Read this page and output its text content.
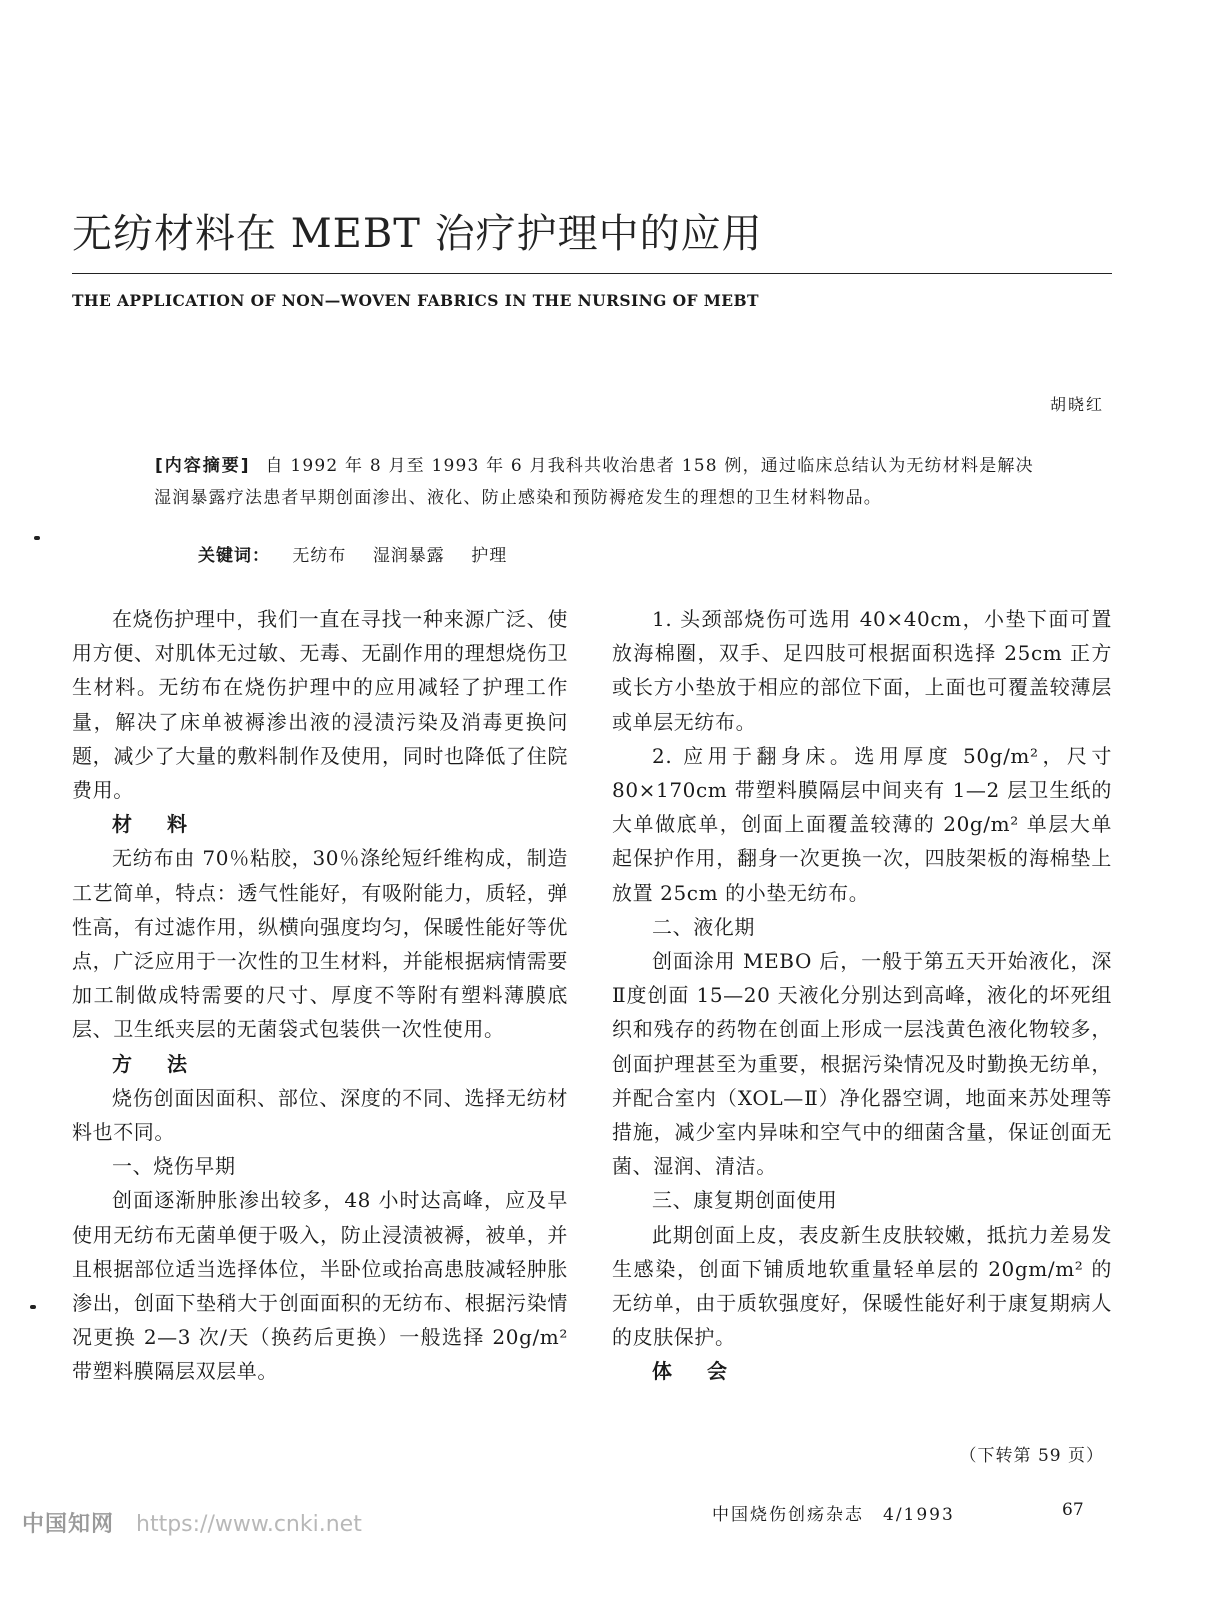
无纺材料在 MEBT 治疗护理中的应用
THE APPLICATION OF NON—WOVEN FABRICS IN THE NURSING OF MEBT
胡晓红
[内容摘要] 自 1992 年 8 月至 1993 年 6 月我科共收治患者 158 例，通过临床总结认为无纺材料是解决湿润暴露疗法患者早期创面渗出、液化、防止感染和预防褥疮发生的理想的卫生材料物品。
关键词： 无纺布 湿润暴露 护理

在烧伤护理中，我们一直在寻找一种来源广泛、使用方便、对肌体无过敏、无毒、无副作用的理想烧伤卫生材料。无纺布在烧伤护理中的应用减轻了护理工作量，解决了床单被褥渗出液的浸渍污染及消毒更换问题，减少了大量的敷料制作及使用，同时也降低了住院费用。

材 料

无纺布由 70％粘胶，30％涤纶短纤维构成，制造工艺简单，特点：透气性能好，有吸附能力，质轻，弹性高，有过滤作用，纵横向强度均匀，保暖性能好等优点，广泛应用于一次性的卫生材料，并能根据病情需要加工制做成特需要的尺寸、厚度不等附有塑料薄膜底层、卫生纸夹层的无菌袋式包装供一次性使用。

方 法

烧伤创面因面积、部位、深度的不同、选择无纺材料也不同。

一、烧伤早期

创面逐渐肿胀渗出较多，48 小时达高峰，应及早使用无纺布无菌单便于吸入，防止浸渍被褥，被单，并且根据部位适当选择体位，半卧位或抬高患肢减轻肿胀渗出，创面下垫稍大于创面面积的无纺布、根据污染情况更换 2—3 次/天（换药后更换）一般选择 20g/m² 带塑料膜隔层双层单。

1. 头颈部烧伤可选用 40×40cm，小垫下面可置放海棉圈，双手、足四肢可根据面积选择 25cm 正方或长方小垫放于相应的部位下面，上面也可覆盖较薄层或单层无纺布。

2. 应用于翻身床。选用厚度 50g/m²，尺寸 80×170cm 带塑料膜隔层中间夹有 1—2 层卫生纸的大单做底单，创面上面覆盖较薄的 20g/m² 单层大单起保护作用，翻身一次更换一次，四肢架板的海棉垫上放置 25cm 的小垫无纺布。

二、液化期

创面涂用 MEBO 后，一般于第五天开始液化，深Ⅱ度创面 15—20 天液化分别达到高峰，液化的坏死组织和残存的药物在创面上形成一层浅黄色液化物较多，创面护理甚至为重要，根据污染情况及时勤换无纺单，并配合室内（XOL—Ⅱ）净化器空调，地面来苏处理等措施，减少室内异味和空气中的细菌含量，保证创面无菌、湿润、清洁。

三、康复期创面使用

此期创面上皮，表皮新生皮肤较嫩，抵抗力差易发生感染，创面下铺质地软重量轻单层的 20gm/m² 的无纺单，由于质软强度好，保暖性能好利于康复期病人的皮肤保护。

体 会

（下转第 59 页）
中国烧伤创疡杂志　4/1993	67
中国知网 https://www.cnki.net
